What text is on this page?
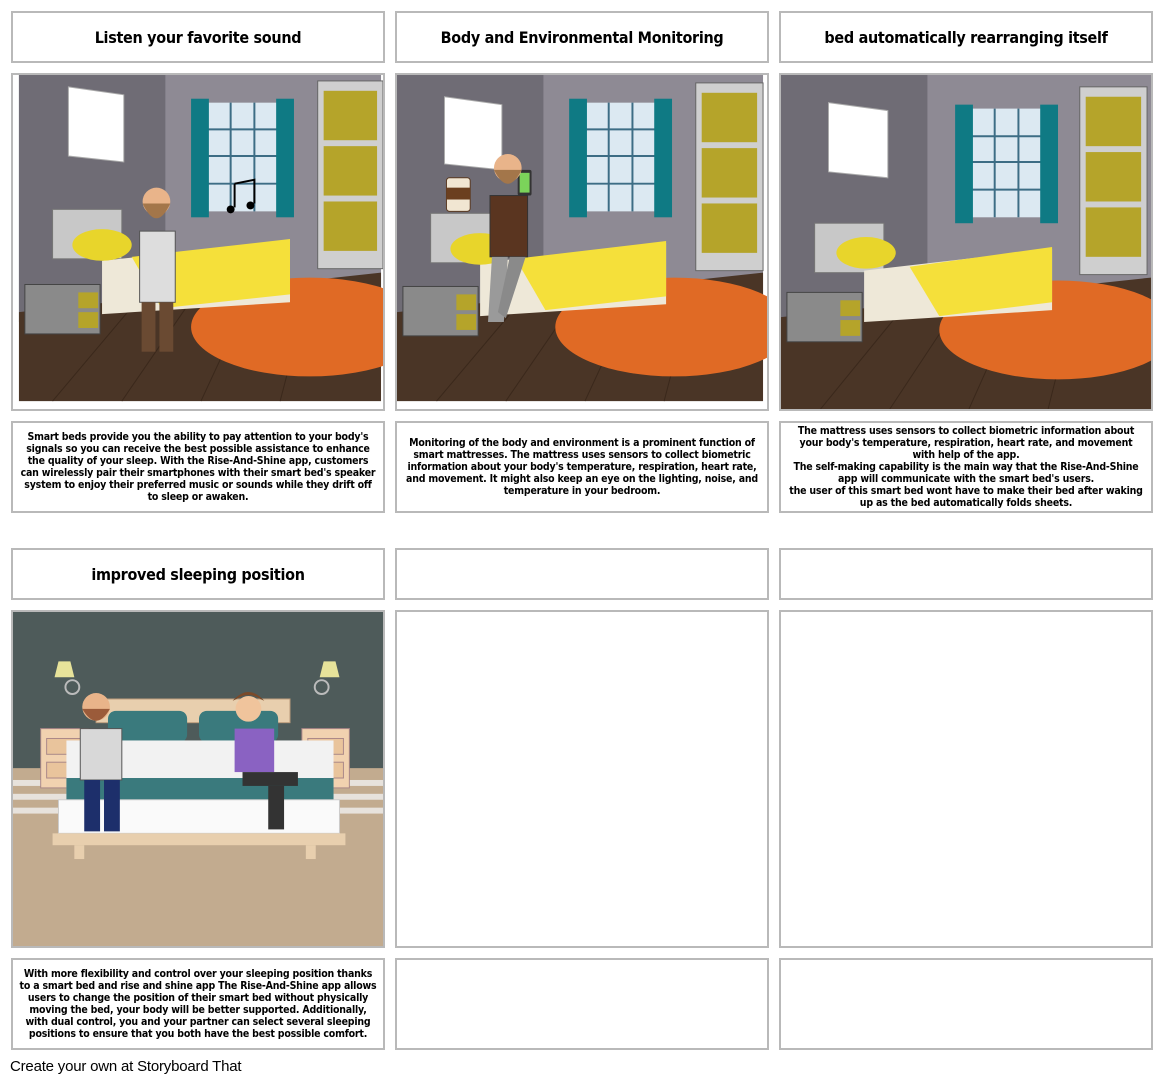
Listen your favorite sound	Body and Environmental Monitoring	bed automatically rearranging itself
Smart beds provide you the ability to pay attention to your body's signals so you can receive the best possible assistance to enhance the quality of your sleep. With the Rise-And-Shine app, customers can wirelessly pair their smartphones with their smart bed's speaker system to enjoy their preferred music or sounds while they drift off to sleep or awaken.
Monitoring of the body and environment is a prominent function of smart mattresses. The mattress uses sensors to collect biometric information about your body's temperature, respiration, heart rate, and movement. It might also keep an eye on the lighting, noise, and temperature in your bedroom.
The mattress uses sensors to collect biometric information about your body's temperature, respiration, heart rate, and movement with help of the app.
The self-making capability is the main way that the Rise-And-Shine app will communicate with the smart bed's users.
the user of this smart bed wont have to make their bed after waking up as the bed automatically folds sheets.
improved sleeping position
With more flexibility and control over your sleeping position thanks to a smart bed and rise and shine app The Rise-And-Shine app allows users to change the position of their smart bed without physically moving the bed, your body will be better supported. Additionally, with dual control, you and your partner can select several sleeping positions to ensure that you both have the best possible comfort.
Create your own at Storyboard That
